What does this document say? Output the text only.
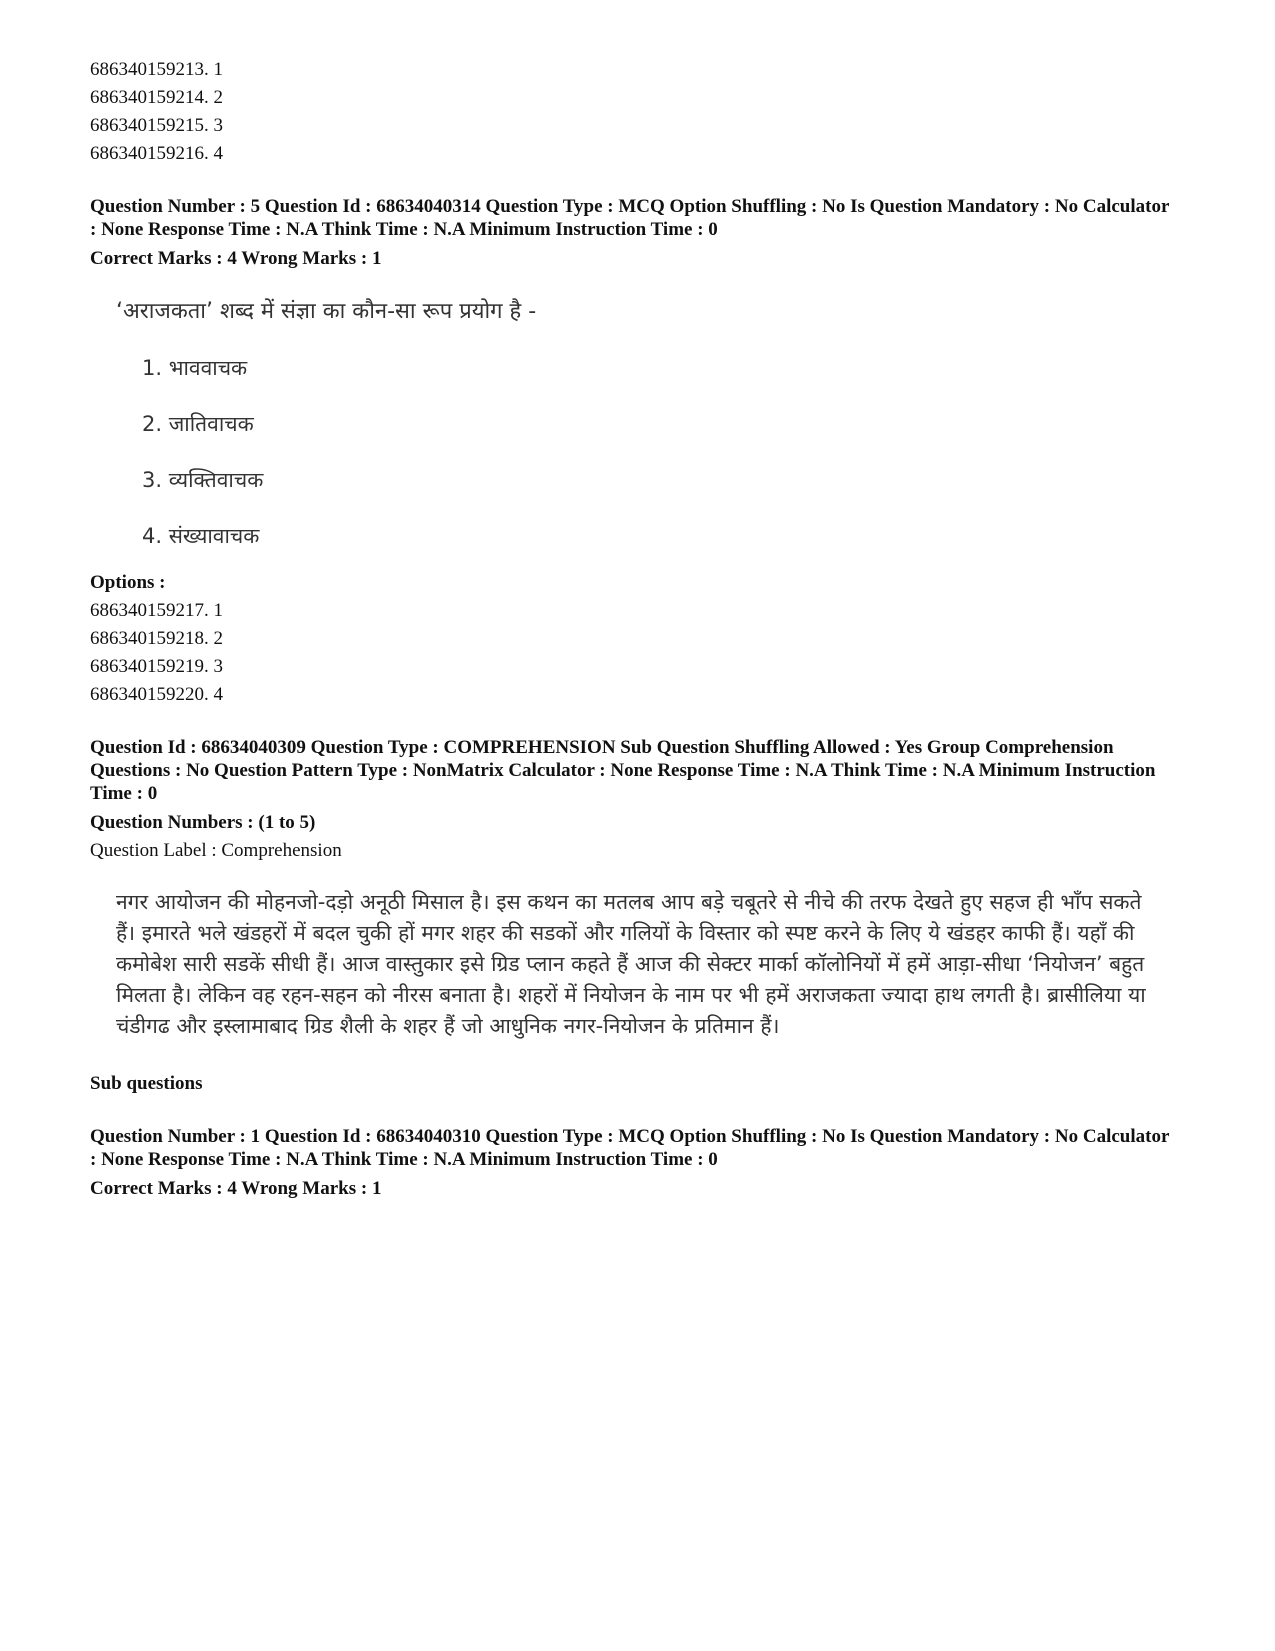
686340159213. 1
686340159214. 2
686340159215. 3
686340159216. 4
Question Number : 5 Question Id : 68634040314 Question Type : MCQ Option Shuffling : No Is Question Mandatory : No Calculator : None Response Time : N.A Think Time : N.A Minimum Instruction Time : 0
Correct Marks : 4 Wrong Marks : 1
‘अराजकता’ शब्द में संज्ञा का कौन-सा रूप प्रयोग है -
1. भाववाचक
2. जातिवाचक
3. व्यक्तिवाचक
4. संख्यावाचक
Options :
686340159217. 1
686340159218. 2
686340159219. 3
686340159220. 4
Question Id : 68634040309 Question Type : COMPREHENSION Sub Question Shuffling Allowed : Yes Group Comprehension Questions : No Question Pattern Type : NonMatrix Calculator : None Response Time : N.A Think Time : N.A Minimum Instruction Time : 0
Question Numbers : (1 to 5)
Question Label : Comprehension
नगर आयोजन की मोहनजो-दड़ो अनूठी मिसाल है। इस कथन का मतलब आप बड़े चबूतरे से नीचे की तरफ देखते हुए सहज ही भाँप सकते हैं। इमारते भले खंडहरों में बदल चुकी हों मगर शहर की सडकों और गलियों के विस्तार को स्पष्ट करने के लिए ये खंडहर काफी हैं। यहाँ की कमोबेश सारी सडकें सीधी हैं। आज वास्तुकार इसे ग्रिड प्लान कहते हैं आज की सेक्टर मार्का कॉलोनियों में हमें आड़ा-सीधा ‘नियोजन’ बहुत मिलता है। लेकिन वह रहन-सहन को नीरस बनाता है। शहरों में नियोजन के नाम पर भी हमें अराजकता ज्यादा हाथ लगती है। ब्रासीलिया या चंडीगढ और इस्लामाबाद ग्रिड शैली के शहर हैं जो आधुनिक नगर-नियोजन के प्रतिमान हैं।
Sub questions
Question Number : 1 Question Id : 68634040310 Question Type : MCQ Option Shuffling : No Is Question Mandatory : No Calculator : None Response Time : N.A Think Time : N.A Minimum Instruction Time : 0
Correct Marks : 4 Wrong Marks : 1
